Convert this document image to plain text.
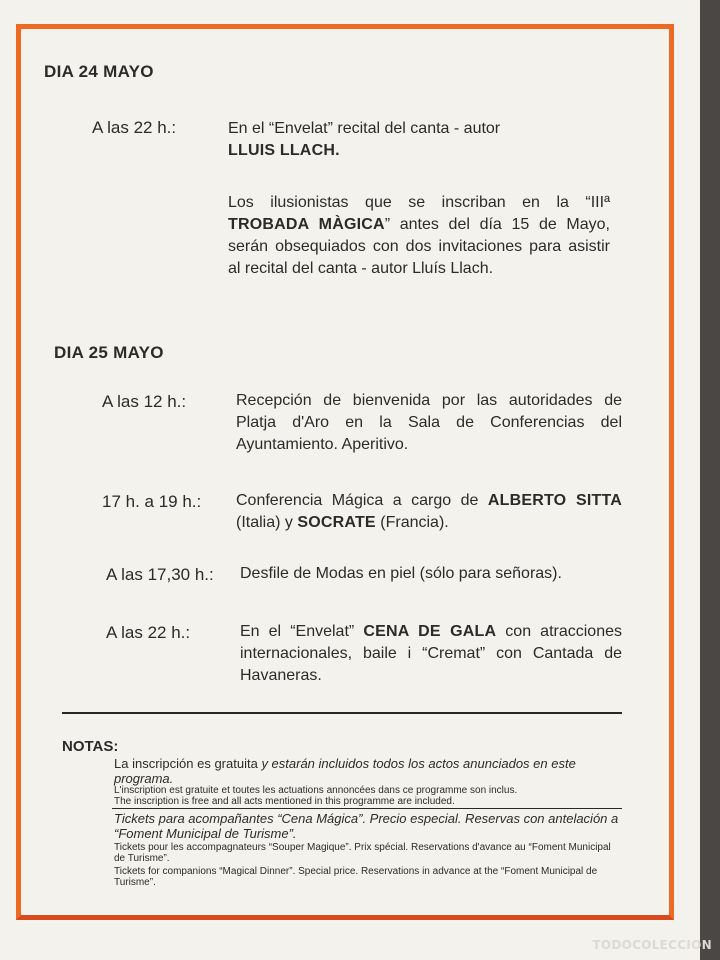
DIA 24 MAYO
A las 22 h.:	En el “Envelat” recital del canta - autor
LLUIS LLACH.
Los ilusionistas que se inscriban en la “IIIª TROBADA MÀGICA” antes del día 15 de Mayo, serán obsequiados con dos invitaciones para asistir al recital del canta - autor Lluís Llach.
DIA 25 MAYO
A las 12 h.:	Recepción de bienvenida por las autoridades de Platja d'Aro en la Sala de Conferencias del Ayuntamiento. Aperitivo.
17 h. a 19 h.: Conferencia Mágica a cargo de ALBERTO SITTA (Italia) y SOCRATE (Francia).
A las 17,30 h.: Desfile de Modas en piel (sólo para señoras).
A las 22 h.:	En el “Envelat” CENA DE GALA con atracciones internacionales, baile i “Cremat” con Cantada de Havaneras.
NOTAS:
La inscripción es gratuita y estarán incluidos todos los actos anunciados en este programa.
L'inscription est gratuite et toutes les actuations annoncées dans ce programme son inclus.
The inscription is free and all acts mentioned in this programme are included.
Tickets para acompañantes “Cena Mágica”. Precio especial. Reservas con antelación a “Foment Municipal de Turisme”.
Tickets pour les accompagnateurs “Souper Magique”. Prix spécial. Reservations d'avance au “Foment Municipal de Turisme”.
Tickets for companions “Magical Dinner”. Special price. Reservations in advance at the “Foment Municipal de Turisme”.
TODOCOLECCION
